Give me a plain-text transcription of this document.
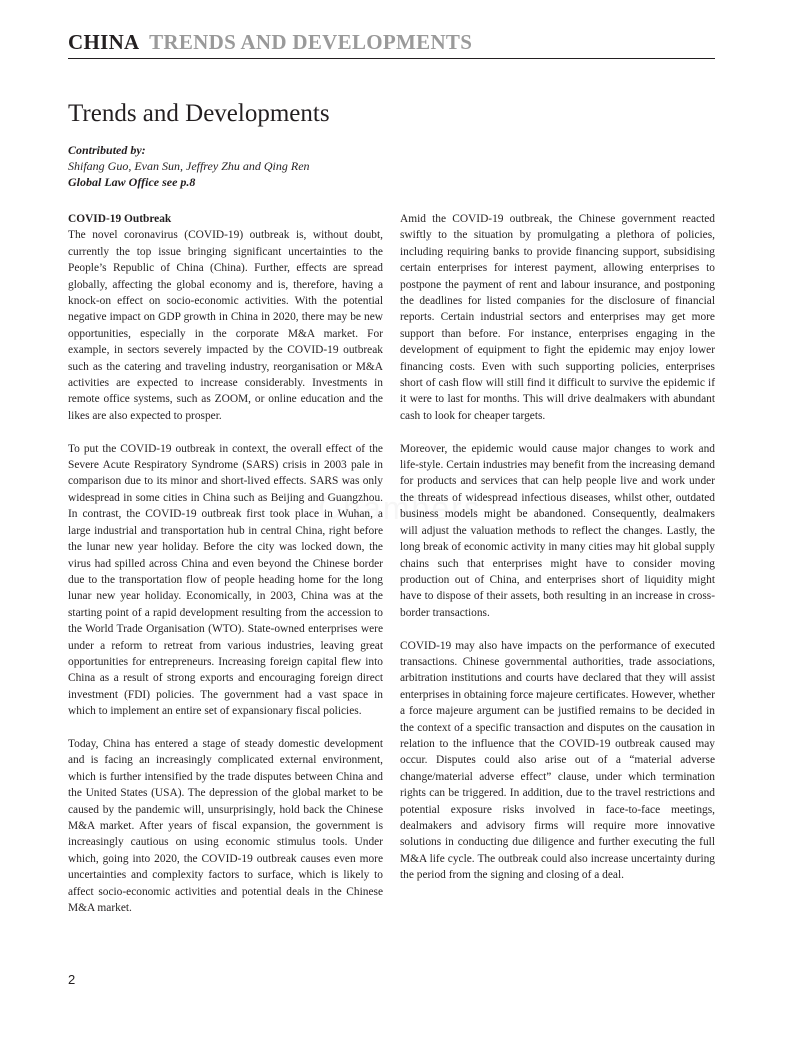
CHINA TRENDS AND DEVELOPMENTS
Trends and Developments
Contributed by:
Shifang Guo, Evan Sun, Jeffrey Zhu and Qing Ren
Global Law Office see p.8
COVID-19 Outbreak

The novel coronavirus (COVID-19) outbreak is, without doubt, currently the top issue bringing significant uncertainties to the People’s Republic of China (China). Further, effects are spread globally, affecting the global economy and is, therefore, having a knock-on effect on socio-economic activities. With the potential negative impact on GDP growth in China in 2020, there may be new opportunities, especially in the corporate M&A market. For example, in sectors severely impacted by the COVID-19 outbreak such as the catering and traveling industry, reorganisation or M&A activities are expected to increase considerably. Investments in remote office systems, such as ZOOM, or online education and the likes are also expected to prosper.

To put the COVID-19 outbreak in context, the overall effect of the Severe Acute Respiratory Syndrome (SARS) crisis in 2003 pale in comparison due to its minor and short-lived effects. SARS was only widespread in some cities in China such as Beijing and Guangzhou. In contrast, the COVID-19 outbreak first took place in Wuhan, a large industrial and transportation hub in central China, right before the lunar new year holiday. Before the city was locked down, the virus had spilled across China and even beyond the Chinese border due to the transportation flow of people heading home for the long lunar new year holiday. Economically, in 2003, China was at the starting point of a rapid development resulting from the accession to the World Trade Organisation (WTO). State-owned enterprises were under a reform to retreat from various industries, leaving great opportunities for entrepreneurs. Increasing foreign capital flew into China as a result of strong exports and encouraging foreign direct investment (FDI) policies. The government had a vast space in which to implement an entire set of expansionary fiscal policies.

Today, China has entered a stage of steady domestic development and is facing an increasingly complicated external environment, which is further intensified by the trade disputes between China and the United States (USA). The depression of the global market to be caused by the pandemic will, unsurprisingly, hold back the Chinese M&A market. After years of fiscal expansion, the government is increasingly cautious on using economic stimulus tools. Under which, going into 2020, the COVID-19 outbreak causes even more uncertainties and complexity factors to surface, which is likely to affect socio-economic activities and potential deals in the Chinese M&A market.

Amid the COVID-19 outbreak, the Chinese government reacted swiftly to the situation by promulgating a plethora of policies, including requiring banks to provide financing support, subsidising certain enterprises for interest payment, allowing enterprises to postpone the payment of rent and labour insurance, and postponing the deadlines for listed companies for the disclosure of financial reports. Certain industrial sectors and enterprises may get more support than before. For instance, enterprises engaging in the development of equipment to fight the epidemic may enjoy lower financing costs. Even with such supporting policies, enterprises short of cash flow will still find it difficult to survive the epidemic if it were to last for months. This will drive dealmakers with abundant cash to look for cheaper targets.

Moreover, the epidemic would cause major changes to work and life-style. Certain industries may benefit from the increasing demand for products and services that can help people live and work under the threats of widespread infectious diseases, whilst other, outdated business models might be abandoned. Consequently, dealmakers will adjust the valuation methods to reflect the changes. Lastly, the long break of economic activity in many cities may hit global supply chains such that enterprises might have to consider moving production out of China, and enterprises short of liquidity might have to dispose of their assets, both resulting in an increase in cross-border transactions.

COVID-19 may also have impacts on the performance of executed transactions. Chinese governmental authorities, trade associations, arbitration institutions and courts have declared that they will assist enterprises in obtaining force majeure certificates. However, whether a force majeure argument can be justified remains to be decided in the context of a specific transaction and disputes on the causation in relation to the influence that the COVID-19 outbreak caused may occur. Disputes could also arise out of a “material adverse change/material adverse effect” clause, under which termination rights can be triggered. In addition, due to the travel restrictions and potential exposure risks involved in face-to-face meetings, dealmakers and advisory firms will require more innovative solutions in conducting due diligence and further executing the full M&A life cycle. The outbreak could also increase uncertainty during the period from the signing and closing of a deal.

2
